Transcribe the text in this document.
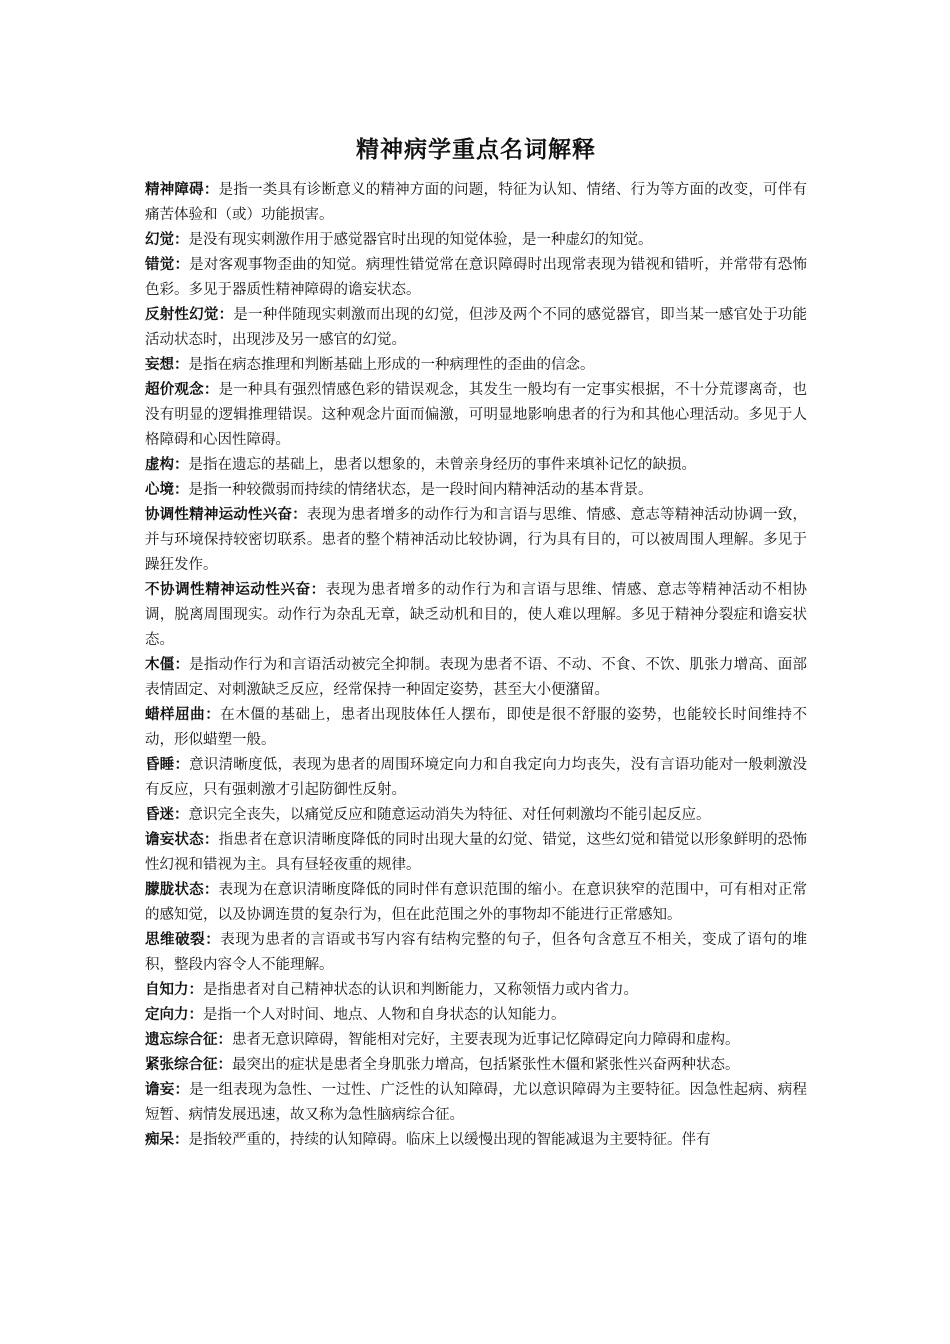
精神病学重点名词解释

精神障碍：是指一类具有诊断意义的精神方面的问题，特征为认知、情绪、行为等方面的改变，可伴有痛苦体验和（或）功能损害。

幻觉：是没有现实刺激作用于感觉器官时出现的知觉体验，是一种虚幻的知觉。

错觉：是对客观事物歪曲的知觉。病理性错觉常在意识障碍时出现常表现为错视和错听，并常带有恐怖色彩。多见于器质性精神障碍的谵妄状态。

反射性幻觉：是一种伴随现实刺激而出现的幻觉，但涉及两个不同的感觉器官，即当某一感官处于功能活动状态时，出现涉及另一感官的幻觉。

妄想：是指在病态推理和判断基础上形成的一种病理性的歪曲的信念。

超价观念：是一种具有强烈情感色彩的错误观念，其发生一般均有一定事实根据，不十分荒谬离奇，也没有明显的逻辑推理错误。这种观念片面而偏激，可明显地影响患者的行为和其他心理活动。多见于人格障碍和心因性障碍。

虚构：是指在遗忘的基础上，患者以想象的，未曾亲身经历的事件来填补记忆的缺损。

心境：是指一种较微弱而持续的情绪状态，是一段时间内精神活动的基本背景。

协调性精神运动性兴奋：表现为患者增多的动作行为和言语与思维、情感、意志等精神活动协调一致，并与环境保持较密切联系。患者的整个精神活动比较协调，行为具有目的，可以被周围人理解。多见于躁狂发作。

不协调性精神运动性兴奋：表现为患者增多的动作行为和言语与思维、情感、意志等精神活动不相协调，脱离周围现实。动作行为杂乱无章，缺乏动机和目的，使人难以理解。多见于精神分裂症和谵妄状态。

木僵：是指动作行为和言语活动被完全抑制。表现为患者不语、不动、不食、不饮、肌张力增高、面部表情固定、对刺激缺乏反应，经常保持一种固定姿势，甚至大小便潴留。

蜡样屈曲：在木僵的基础上，患者出现肢体任人摆布，即使是很不舒服的姿势，也能较长时间维持不动，形似蜡塑一般。

昏睡：意识清晰度低，表现为患者的周围环境定向力和自我定向力均丧失，没有言语功能对一般刺激没有反应，只有强刺激才引起防御性反射。

昏迷：意识完全丧失，以痛觉反应和随意运动消失为特征、对任何刺激均不能引起反应。

谵妄状态：指患者在意识清晰度降低的同时出现大量的幻觉、错觉，这些幻觉和错觉以形象鲜明的恐怖性幻视和错视为主。具有昼轻夜重的规律。

朦胧状态：表现为在意识清晰度降低的同时伴有意识范围的缩小。在意识狭窄的范围中，可有相对正常的感知觉，以及协调连贯的复杂行为，但在此范围之外的事物却不能进行正常感知。

思维破裂：表现为患者的言语或书写内容有结构完整的句子，但各句含意互不相关，变成了语句的堆积，整段内容令人不能理解。

自知力：是指患者对自己精神状态的认识和判断能力，又称领悟力或内省力。

定向力：是指一个人对时间、地点、人物和自身状态的认知能力。

遗忘综合征：患者无意识障碍，智能相对完好，主要表现为近事记忆障碍定向力障碍和虚构。

紧张综合征：最突出的症状是患者全身肌张力增高，包括紧张性木僵和紧张性兴奋两种状态。

谵妄：是一组表现为急性、一过性、广泛性的认知障碍，尤以意识障碍为主要特征。因急性起病、病程短暂、病情发展迅速，故又称为急性脑病综合征。

痴呆：是指较严重的，持续的认知障碍。临床上以缓慢出现的智能减退为主要特征。伴有
